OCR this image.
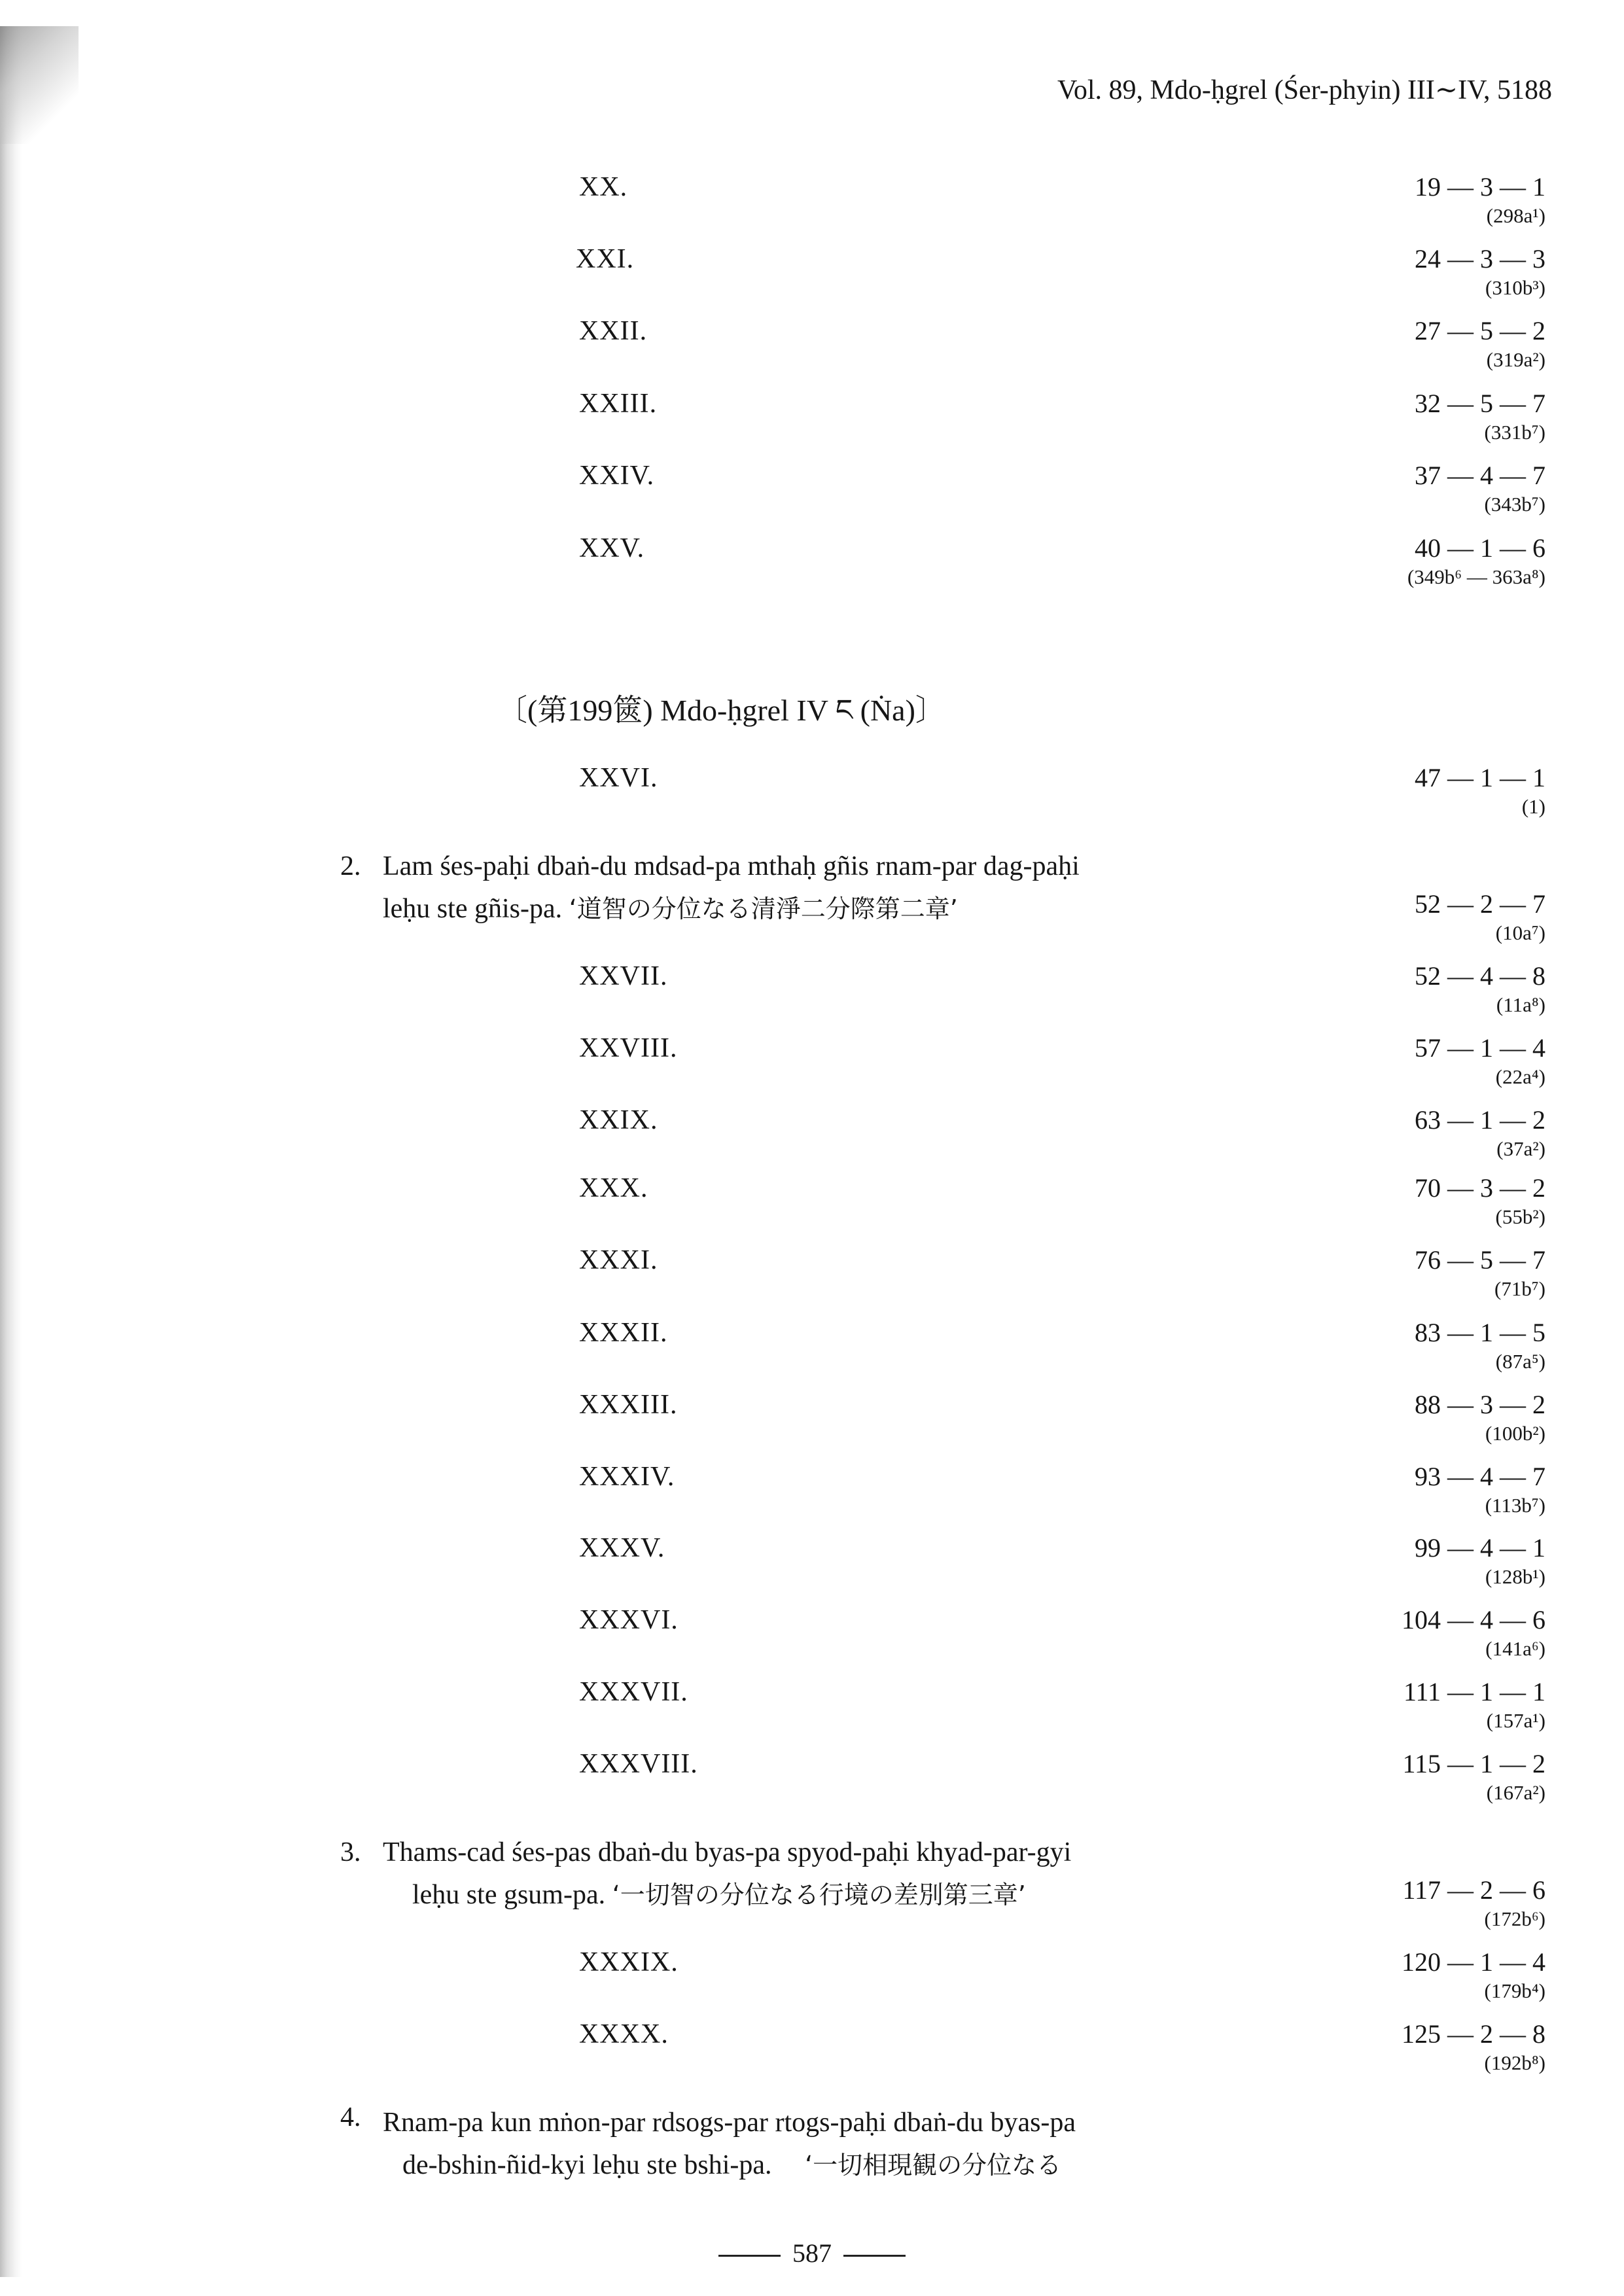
Vol. 89, Mdo-ḥgrel (Śer-phyin) III∼IV, 5188
XX.	19 — 3 — 1
(298a¹)
XXI.	24 — 3 — 3
(310b³)
XXII.	27 — 5 — 2
(319a²)
XXIII.	32 — 5 — 7
(331b⁷)
XXIV.	37 — 4 — 7
(343b⁷)
XXV.	40 — 1 — 6
(349b⁶ — 363a⁸)
〔(第199篋) Mdo-ḥgrel IV ང (Ṅa)〕
XXVI.	47 — 1 — 1
(1)
2. Lam śes-paḥi dbaṅ-du mdsad-pa mthaḥ gñis rnam-par dag-paḥi
leḥu ste gñis-pa. ‘道智の分位なる清淨二分際第二章’	52 — 2 — 7
(10a⁷)
XXVII.	52 — 4 — 8
(11a⁸)
XXVIII.	57 — 1 — 4
(22a⁴)
XXIX.	63 — 1 — 2
(37a²)
XXX.	70 — 3 — 2
(55b²)
XXXI.	76 — 5 — 7
(71b⁷)
XXXII.	83 — 1 — 5
(87a⁵)
XXXIII.	88 — 3 — 2
(100b²)
XXXIV.	93 — 4 — 7
(113b⁷)
XXXV.	99 — 4 — 1
(128b¹)
XXXVI.	104 — 4 — 6
(141a⁶)
XXXVII.	111 — 1 — 1
(157a¹)
XXXVIII.	115 — 1 — 2
(167a²)
3. Thams-cad śes-pas dbaṅ-du byas-pa spyod-paḥi khyad-par-gyi
leḥu ste gsum-pa. ‘一切智の分位なる行境の差別第三章’	117 — 2 — 6
(172b⁶)
XXXIX.	120 — 1 — 4
(179b⁴)
XXXX.	125 — 2 — 8
(192b⁸)
4. Rnam-pa kun mṅon-par rdsogs-par rtogs-paḥi dbaṅ-du byas-pa
de-bshin-ñid-kyi leḥu ste bshi-pa. ‘一切相現観の分位なる
587
